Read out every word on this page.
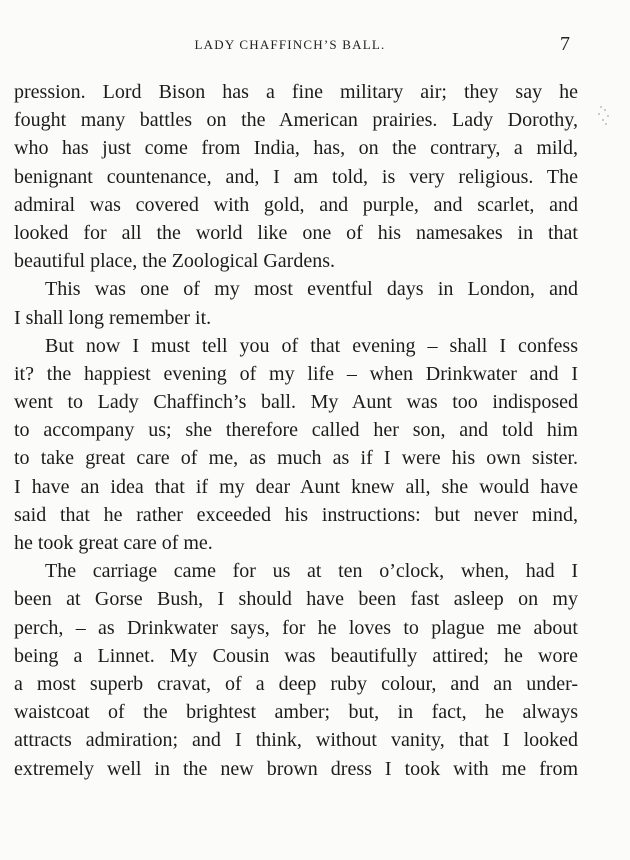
LADY CHAFFINCH’S BALL.	7
pression. Lord Bison has a fine military air; they say he
fought many battles on the American prairies. Lady Dorothy,
who has just come from India, has, on the contrary, a mild,
benignant countenance, and, I am told, is very religious. The
admiral was covered with gold, and purple, and scarlet, and
looked for all the world like one of his namesakes in that
beautiful place, the Zoological Gardens.
This was one of my most eventful days in London, and
I shall long remember it.
But now I must tell you of that evening – shall I confess
it? the happiest evening of my life – when Drinkwater and I
went to Lady Chaffinch’s ball. My Aunt was too indisposed
to accompany us; she therefore called her son, and told him
to take great care of me, as much as if I were his own sister.
I have an idea that if my dear Aunt knew all, she would have
said that he rather exceeded his instructions: but never mind,
he took great care of me.
The carriage came for us at ten o’clock, when, had I
been at Gorse Bush, I should have been fast asleep on my
perch, – as Drinkwater says, for he loves to plague me about
being a Linnet. My Cousin was beautifully attired; he wore
a most superb cravat, of a deep ruby colour, and an under-
waistcoat of the brightest amber; but, in fact, he always
attracts admiration; and I think, without vanity, that I looked
extremely well in the new brown dress I took with me from
